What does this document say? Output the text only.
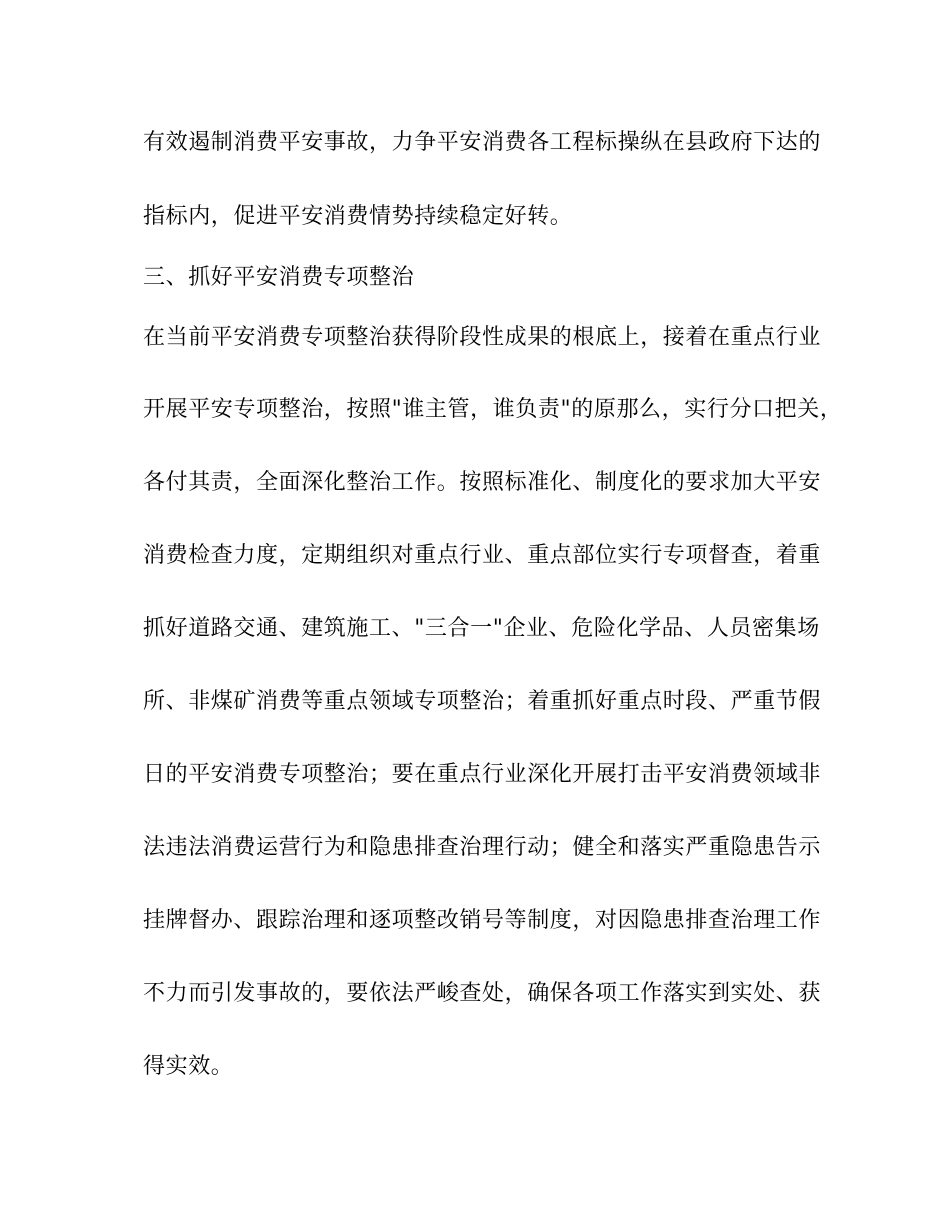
有效遏制消费平安事故，力争平安消费各工程标操纵在县政府下达的
指标内，促进平安消费情势持续稳定好转。
三、抓好平安消费专项整治
在当前平安消费专项整治获得阶段性成果的根底上，接着在重点行业
开展平安专项整治，按照"谁主管，谁负责"的原那么，实行分口把关，
各付其责，全面深化整治工作。按照标准化、制度化的要求加大平安
消费检查力度，定期组织对重点行业、重点部位实行专项督查，着重
抓好道路交通、建筑施工、"三合一"企业、危险化学品、人员密集场
所、非煤矿消费等重点领域专项整治；着重抓好重点时段、严重节假
日的平安消费专项整治；要在重点行业深化开展打击平安消费领域非
法违法消费运营行为和隐患排查治理行动；健全和落实严重隐患告示
挂牌督办、跟踪治理和逐项整改销号等制度，对因隐患排查治理工作
不力而引发事故的，要依法严峻查处，确保各项工作落实到实处、获
得实效。
